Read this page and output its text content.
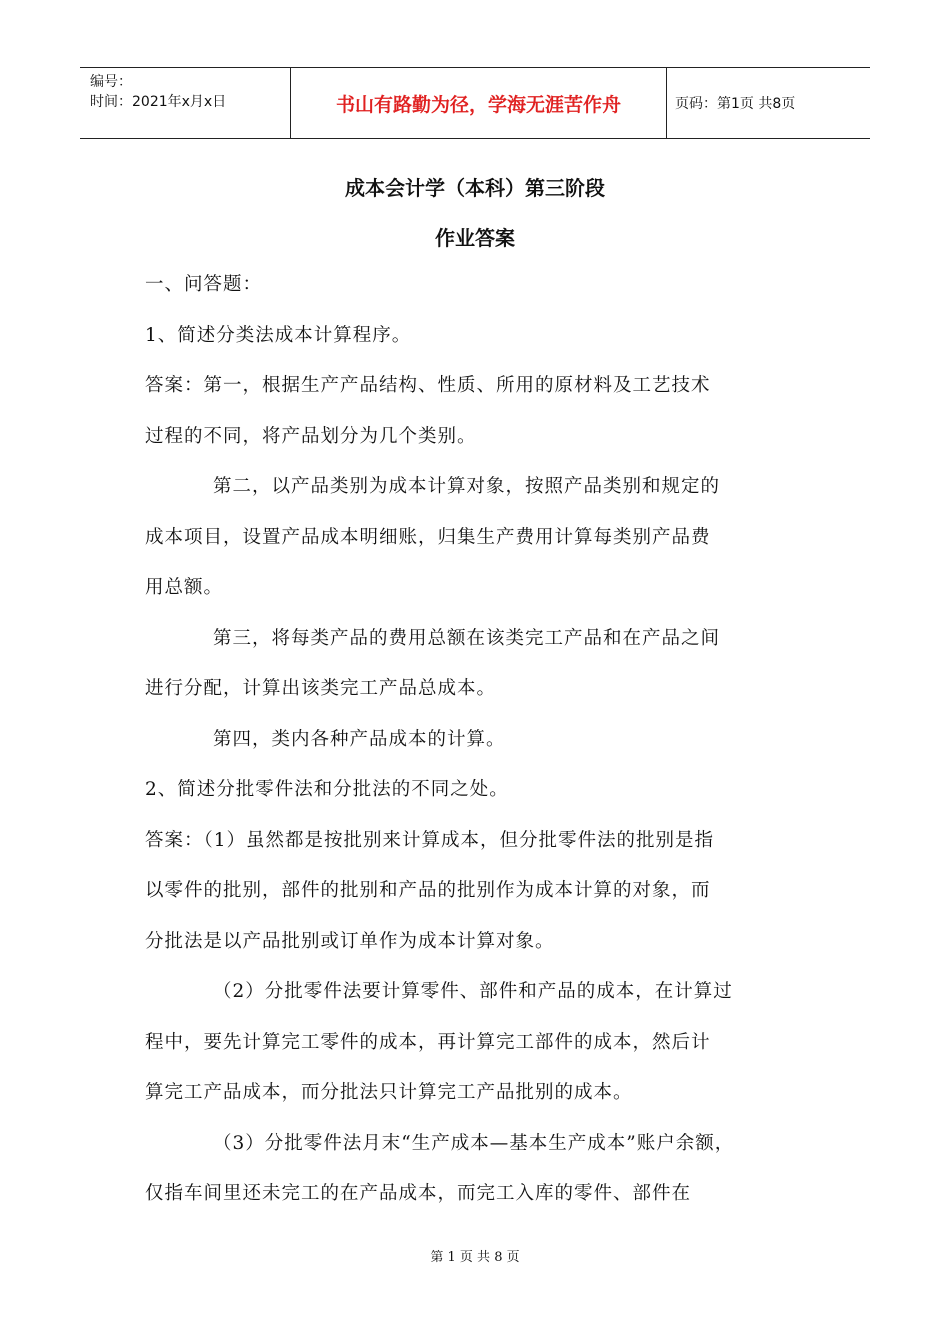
编号：
时间：2021年x月x日	书山有路勤为径，学海无涯苦作舟	页码：第1页 共8页
成本会计学（本科）第三阶段
作业答案
一、问答题：
1、简述分类法成本计算程序。
答案：第一，根据生产产品结构、性质、所用的原材料及工艺技术
过程的不同，将产品划分为几个类别。
第二，以产品类别为成本计算对象，按照产品类别和规定的
成本项目，设置产品成本明细账，归集生产费用计算每类别产品费
用总额。
第三，将每类产品的费用总额在该类完工产品和在产品之间
进行分配，计算出该类完工产品总成本。
第四，类内各种产品成本的计算。
2、简述分批零件法和分批法的不同之处。
答案：（1）虽然都是按批别来计算成本，但分批零件法的批别是指
以零件的批别，部件的批别和产品的批别作为成本计算的对象，而
分批法是以产品批别或订单作为成本计算对象。
（2）分批零件法要计算零件、部件和产品的成本，在计算过
程中，要先计算完工零件的成本，再计算完工部件的成本，然后计
算完工产品成本，而分批法只计算完工产品批别的成本。
（3）分批零件法月末“生产成本—基本生产成本”账户余额，
仅指车间里还未完工的在产品成本，而完工入库的零件、部件在
第 1 页 共 8 页
